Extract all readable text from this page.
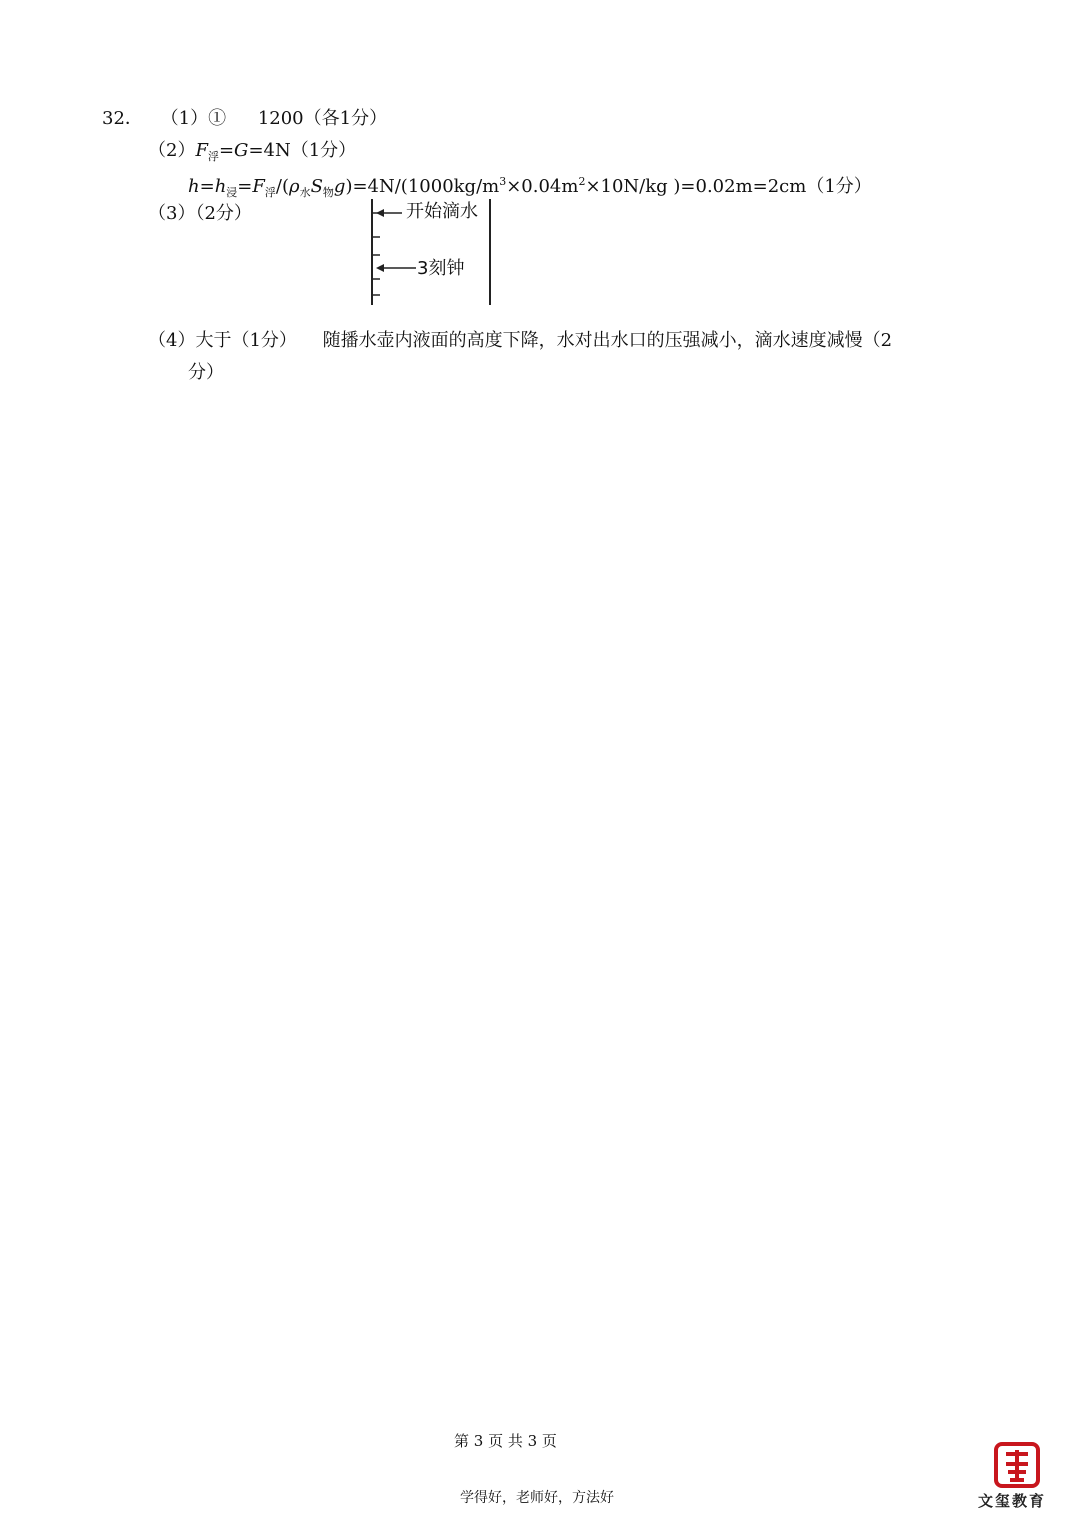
32． （1）① 1200（各1分）
$(2)F_浮=G=4N(1$分）
$h=h_浸=F_浮/(\rho_水S_物g)=4N/(1000kg/m^3\times 0.04m^2\times 10N/kg$ )=0.02m=2cm（1分）
（3）（2分）	开始滴水
3刻钟
（4）大于（1分） 随播水壶内液面的高度下降，水对出水口的压强减小，滴水速度减慢（2
分）
第 3 页 共 3 页
学得好，老师好，方法好	文玺教育
